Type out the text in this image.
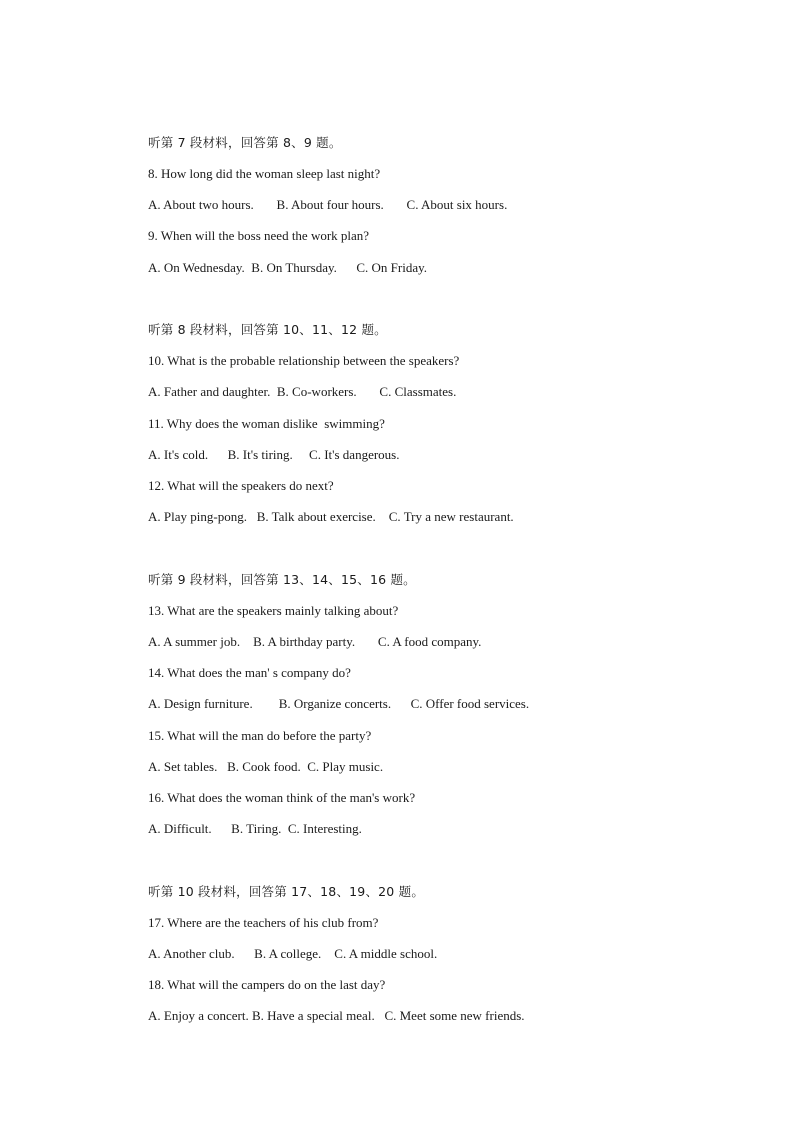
听第 7 段材料，回答第 8、9 题。
8. How long did the woman sleep last night?
A. About two hours.       B. About four hours.       C. About six hours.
9. When will the boss need the work plan?
A. On Wednesday.  B. On Thursday.      C. On Friday.
听第 8 段材料，回答第 10、11、12 题。
10. What is the probable relationship between the speakers?
A. Father and daughter.  B. Co-workers.       C. Classmates.
11. Why does the woman dislike  swimming?
A. It's cold.      B. It's tiring.     C. It's dangerous.
12. What will the speakers do next?
A. Play ping-pong.   B. Talk about exercise.    C. Try a new restaurant.
听第 9 段材料，回答第 13、14、15、16 题。
13. What are the speakers mainly talking about?
A. A summer job.    B. A birthday party.       C. A food company.
14. What does the man' s company do?
A. Design furniture.        B. Organize concerts.      C. Offer food services.
15. What will the man do before the party?
A. Set tables.   B. Cook food.  C. Play music.
16. What does the woman think of the man's work?
A. Difficult.      B. Tiring.  C. Interesting.
听第 10 段材料，回答第 17、18、19、20 题。
17. Where are the teachers of his club from?
A. Another club.      B. A college.    C. A middle school.
18. What will the campers do on the last day?
A. Enjoy a concert. B. Have a special meal.   C. Meet some new friends.
